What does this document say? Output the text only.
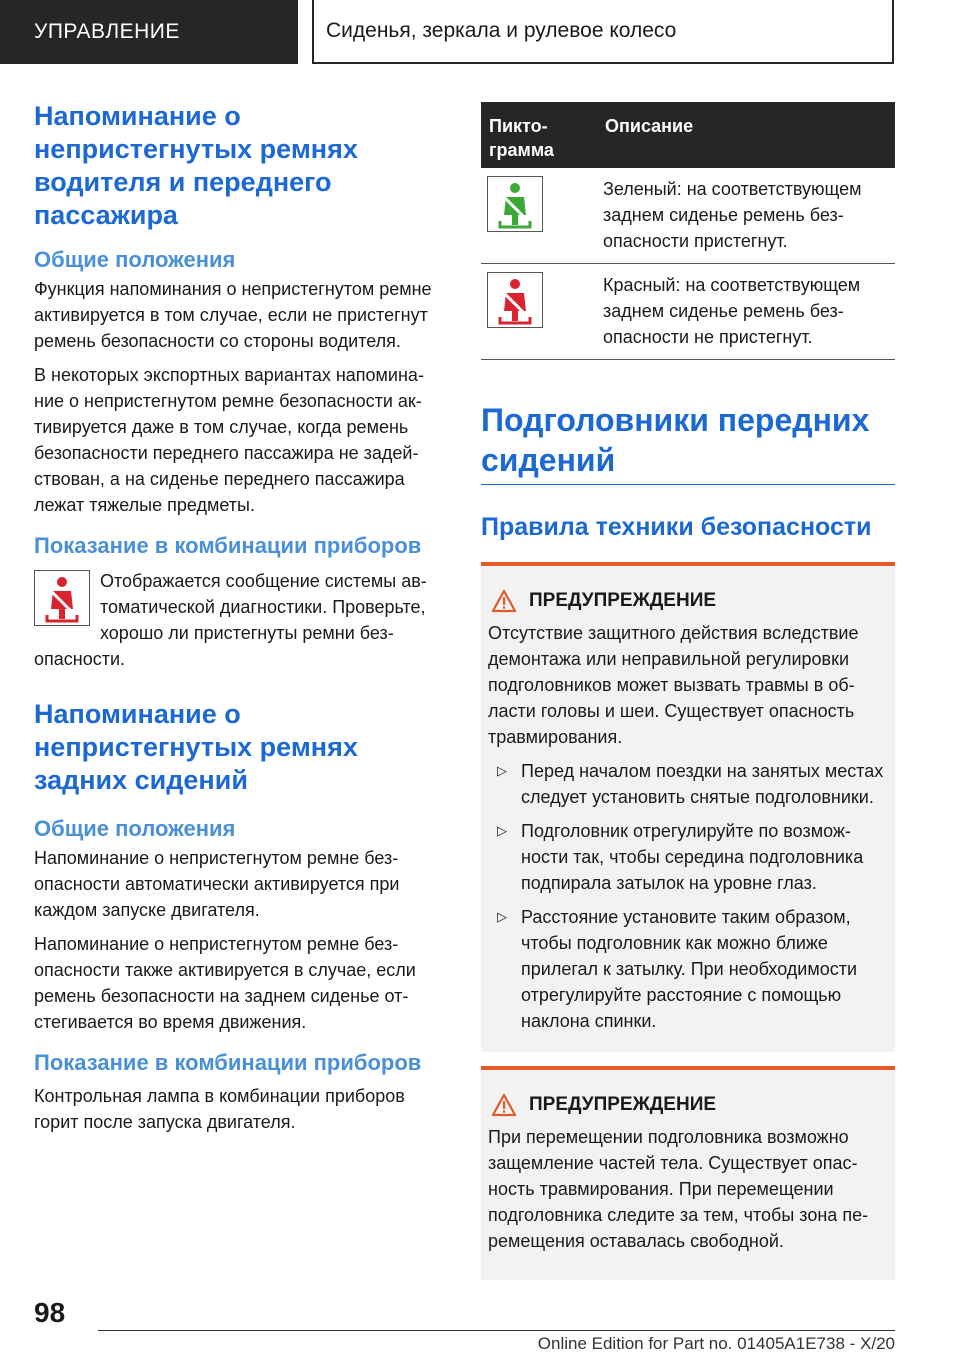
УПРАВЛЕНИЕ	Сиденья, зеркала и рулевое колесо
Напоминание о непристегнутых ремнях водителя и переднего пассажира
Общие положения
Функция напоминания о непристегнутом ремне активируется в том случае, если не пристегнут ремень безопасности со стороны водителя.
В некоторых экспортных вариантах напоминание о непристегнутом ремне безопасности активируется даже в том случае, когда ремень безопасности переднего пассажира не задействован, а на сиденье переднего пассажира лежат тяжелые предметы.
Показание в комбинации приборов
Отображается сообщение системы автоматической диагностики. Проверьте, хорошо ли пристегнуты ремни безопасности.
Напоминание о непристегнутых ремнях задних сидений
Общие положения
Напоминание о непристегнутом ремне безопасности автоматически активируется при каждом запуске двигателя.
Напоминание о непристегнутом ремне безопасности также активируется в случае, если ремень безопасности на заднем сиденье отстегивается во время движения.
Показание в комбинации приборов
Контрольная лампа в комбинации приборов горит после запуска двигателя.
Пиктограмма
Описание
Зеленый: на соответствующем заднем сиденье ремень безопасности пристегнут.
Красный: на соответствующем заднем сиденье ремень безопасности не пристегнут.
Подголовники передних сидений
Правила техники безопасности
ПРЕДУПРЕЖДЕНИЕ
Отсутствие защитного действия вследствие демонтажа или неправильной регулировки подголовников может вызвать травмы в области головы и шеи. Существует опасность травмирования.
▷ Перед началом поездки на занятых местах следует установить снятые подголовники.
▷ Подголовник отрегулируйте по возможности так, чтобы середина подголовника подпирала затылок на уровне глаз.
▷ Расстояние установите таким образом, чтобы подголовник как можно ближе прилегал к затылку. При необходимости отрегулируйте расстояние с помощью наклона спинки.
ПРЕДУПРЕЖДЕНИЕ
При перемещении подголовника возможно защемление частей тела. Существует опасность травмирования. При перемещении подголовника следите за тем, чтобы зона перемещения оставалась свободной.
98
Online Edition for Part no. 01405A1E738 - X/20
